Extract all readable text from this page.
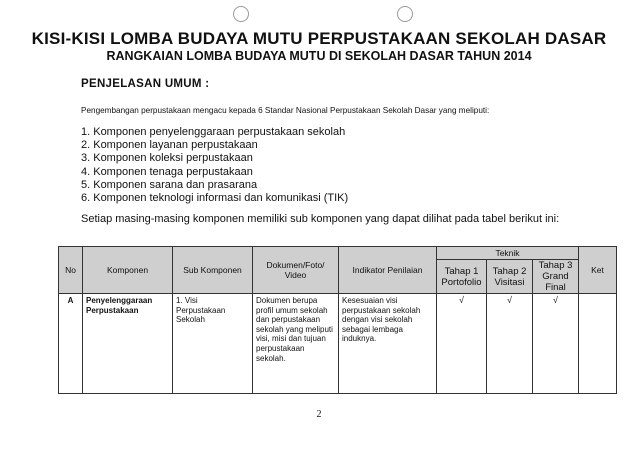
KISI-KISI LOMBA BUDAYA MUTU PERPUSTAKAAN SEKOLAH DASAR
RANGKAIAN LOMBA BUDAYA MUTU DI SEKOLAH DASAR TAHUN 2014
PENJELASAN UMUM :
Pengembangan perpustakaan mengacu kepada 6 Standar Nasional Perpustakaan Sekolah Dasar yang meliputi:
1. Komponen penyelenggaraan perpustakaan sekolah
2. Komponen layanan perpustakaan
3. Komponen koleksi perpustakaan
4. Komponen tenaga perpustakaan
5. Komponen sarana dan prasarana
6. Komponen teknologi informasi dan komunikasi (TIK)
Setiap masing-masing komponen memiliki sub komponen yang dapat dilihat pada tabel berikut ini:
No	Komponen	Sub Komponen	Dokumen/Foto/ Video	Indikator Penilaian	Teknik			Ket
					Tahap 1 Portofolio	Tahap 2 Visitasi	Tahap 3 Grand Final	
A	Penyelenggaraan Perpustakaan	1. Visi Perpustakaan Sekolah	Dokumen berupa profil umum sekolah dan perpustakaan sekolah yang meliputi visi, misi dan tujuan perpustakaan sekolah.	Kesesuaian visi perpustakaan sekolah dengan visi sekolah sebagai lembaga induknya.	√	√	√	
2
